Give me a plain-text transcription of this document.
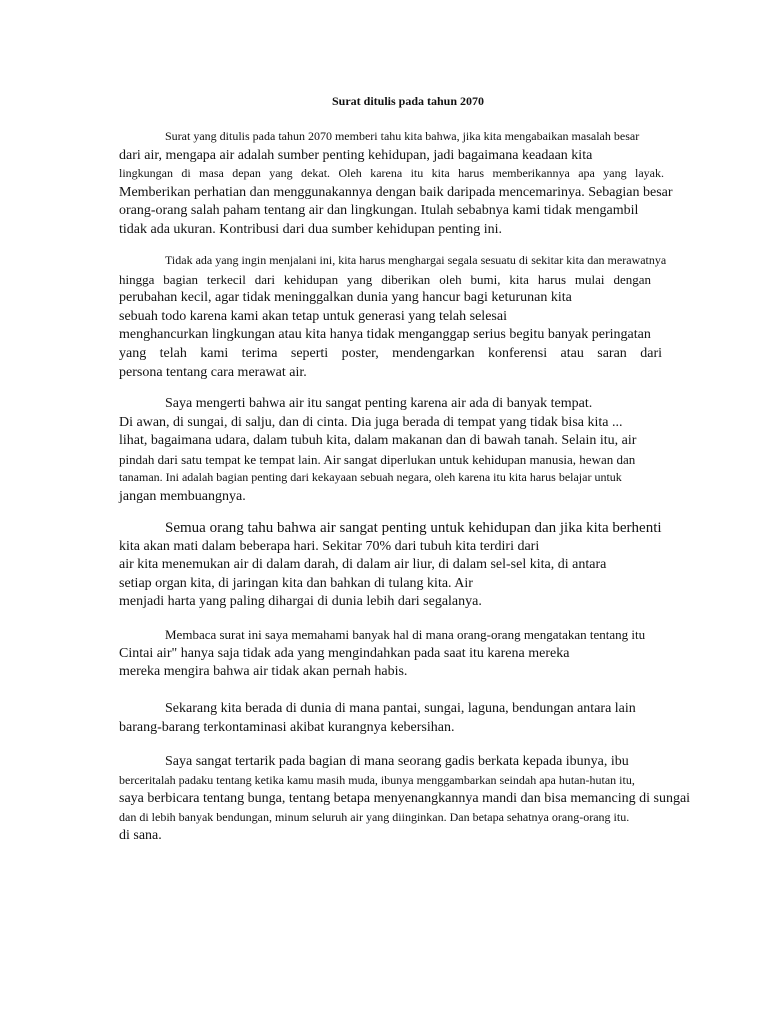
Surat ditulis pada tahun 2070
Surat yang ditulis pada tahun 2070 memberi tahu kita bahwa, jika kita mengabaikan masalah besar
dari air, mengapa air adalah sumber penting kehidupan, jadi bagaimana keadaan kita
lingkungan di masa depan yang dekat. Oleh karena itu kita harus memberikannya apa yang layak.
Memberikan perhatian dan menggunakannya dengan baik daripada mencemarinya. Sebagian besar
orang-orang salah paham tentang air dan lingkungan. Itulah sebabnya kami tidak mengambil
tidak ada ukuran. Kontribusi dari dua sumber kehidupan penting ini.
Tidak ada yang ingin menjalani ini, kita harus menghargai segala sesuatu di sekitar kita dan merawatnya
hingga bagian terkecil dari kehidupan yang diberikan oleh bumi, kita harus mulai dengan
perubahan kecil, agar tidak meninggalkan dunia yang hancur bagi keturunan kita
sebuah todo karena kami akan tetap untuk generasi yang telah selesai
menghancurkan lingkungan atau kita hanya tidak menganggap serius begitu banyak peringatan
yang telah kami terima seperti poster, mendengarkan konferensi atau saran dari
persona tentang cara merawat air.
Saya mengerti bahwa air itu sangat penting karena air ada di banyak tempat.
Di awan, di sungai, di salju, dan di cinta. Dia juga berada di tempat yang tidak bisa kita ...
lihat, bagaimana udara, dalam tubuh kita, dalam makanan dan di bawah tanah. Selain itu, air
pindah dari satu tempat ke tempat lain. Air sangat diperlukan untuk kehidupan manusia, hewan dan
tanaman. Ini adalah bagian penting dari kekayaan sebuah negara, oleh karena itu kita harus belajar untuk
jangan membuangnya.
Semua orang tahu bahwa air sangat penting untuk kehidupan dan jika kita berhenti
kita akan mati dalam beberapa hari. Sekitar 70% dari tubuh kita terdiri dari
air kita menemukan air di dalam darah, di dalam air liur, di dalam sel-sel kita, di antara
setiap organ kita, di jaringan kita dan bahkan di tulang kita. Air
menjadi harta yang paling dihargai di dunia lebih dari segalanya.
Membaca surat ini saya memahami banyak hal di mana orang-orang mengatakan tentang itu
Cintai air" hanya saja tidak ada yang mengindahkan pada saat itu karena mereka
mereka mengira bahwa air tidak akan pernah habis.
Sekarang kita berada di dunia di mana pantai, sungai, laguna, bendungan antara lain
barang-barang terkontaminasi akibat kurangnya kebersihan.
Saya sangat tertarik pada bagian di mana seorang gadis berkata kepada ibunya, ibu
berceritalah padaku tentang ketika kamu masih muda, ibunya menggambarkan seindah apa hutan-hutan itu,
saya berbicara tentang bunga, tentang betapa menyenangkannya mandi dan bisa memancing di sungai
dan di lebih banyak bendungan, minum seluruh air yang diinginkan. Dan betapa sehatnya orang-orang itu.
di sana.
